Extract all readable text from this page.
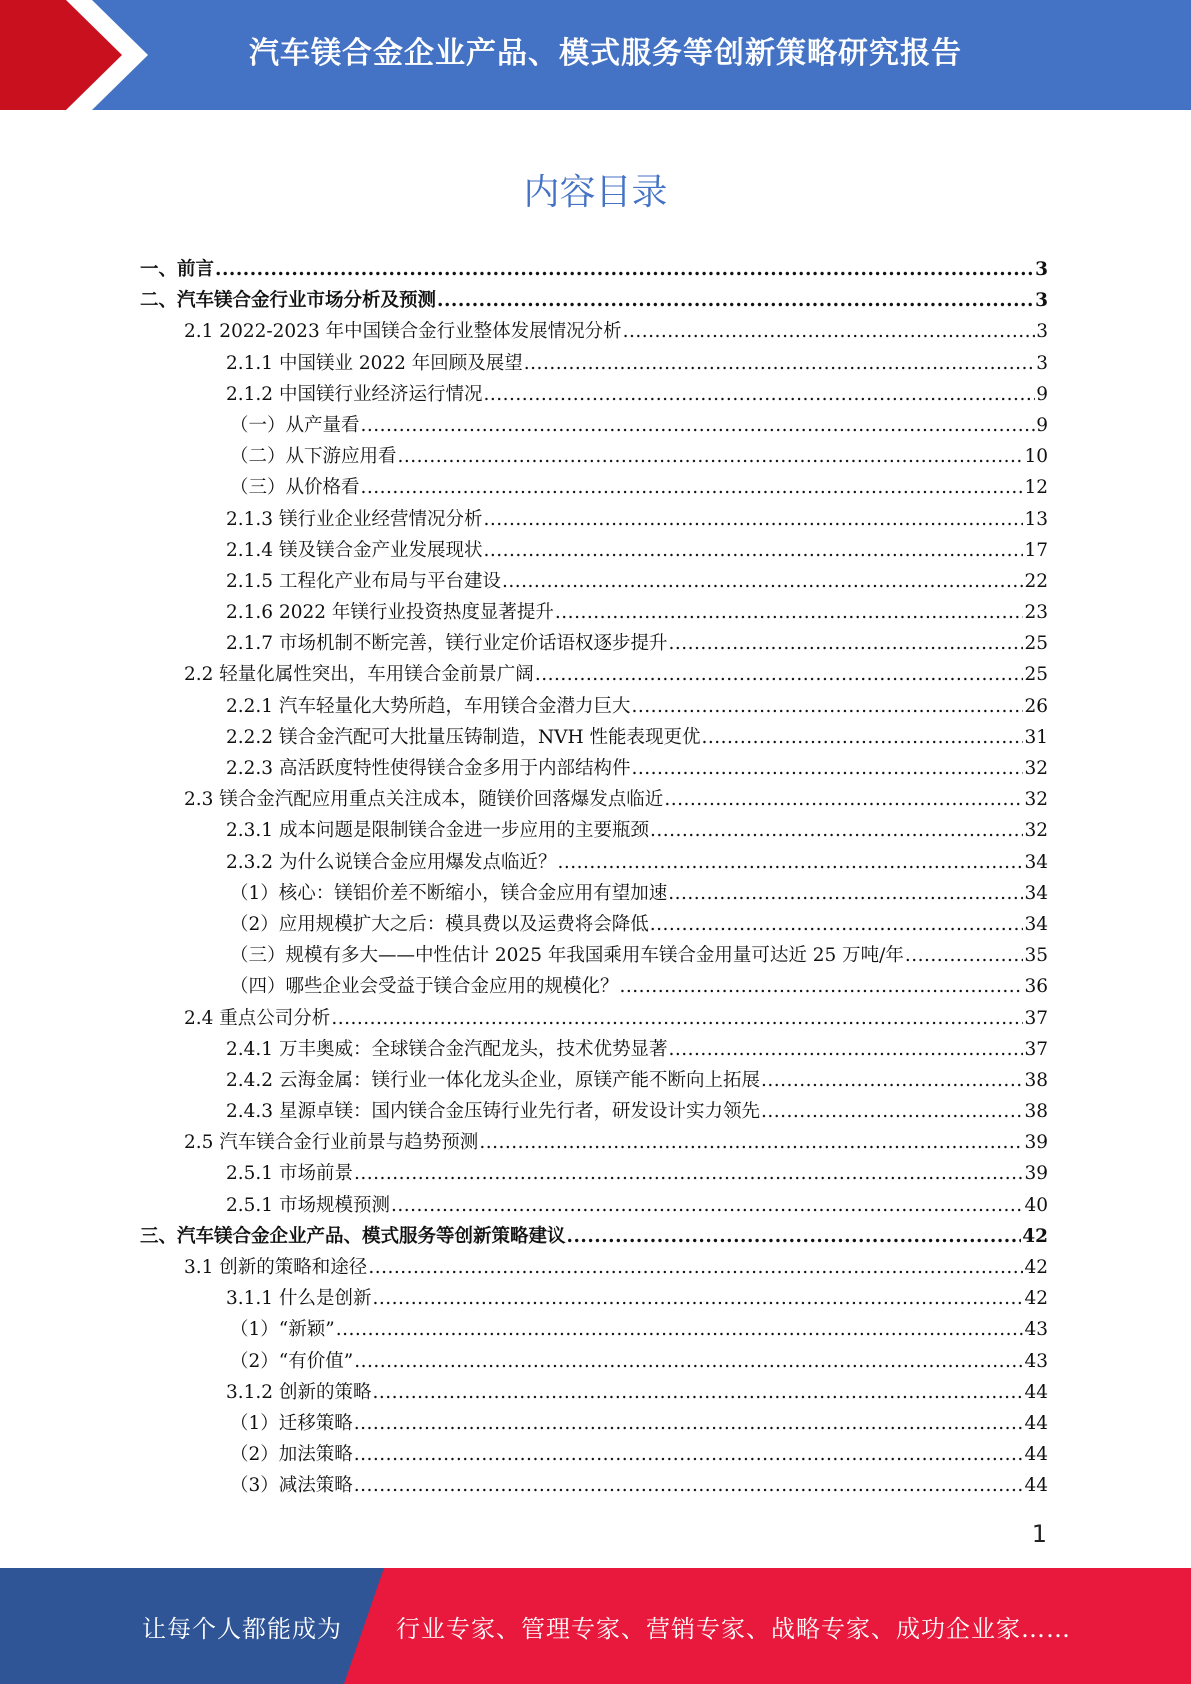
汽车镁合金企业产品、模式服务等创新策略研究报告
内容目录
一、前言 .....	3
二、汽车镁合金行业市场分析及预测 .....	3
2.1 2022-2023 年中国镁合金行业整体发展情况分析 .....	3
2.1.1 中国镁业 2022 年回顾及展望 .....	3
2.1.2 中国镁行业经济运行情况 .....	9
（一）从产量看 .....	9
（二）从下游应用看 .....	10
（三）从价格看 .....	12
2.1.3 镁行业企业经营情况分析 .....	13
2.1.4 镁及镁合金产业发展现状 .....	17
2.1.5 工程化产业布局与平台建设 .....	22
2.1.6 2022 年镁行业投资热度显著提升 .....	23
2.1.7 市场机制不断完善，镁行业定价话语权逐步提升 .....	25
2.2 轻量化属性突出，车用镁合金前景广阔 .....	25
2.2.1 汽车轻量化大势所趋，车用镁合金潜力巨大 .....	26
2.2.2 镁合金汽配可大批量压铸制造，NVH 性能表现更优 .....	31
2.2.3 高活跃度特性使得镁合金多用于内部结构件 .....	32
2.3 镁合金汽配应用重点关注成本，随镁价回落爆发点临近 .....	32
2.3.1 成本问题是限制镁合金进一步应用的主要瓶颈 .....	32
2.3.2 为什么说镁合金应用爆发点临近？ .....	34
（1）核心：镁铝价差不断缩小，镁合金应用有望加速 .....	34
（2）应用规模扩大之后：模具费以及运费将会降低 .....	34
（三）规模有多大——中性估计 2025 年我国乘用车镁合金用量可达近 25 万吨/年 .....	35
（四）哪些企业会受益于镁合金应用的规模化？ .....	36
2.4 重点公司分析 .....	37
2.4.1 万丰奥威：全球镁合金汽配龙头，技术优势显著 .....	37
2.4.2 云海金属：镁行业一体化龙头企业，原镁产能不断向上拓展 .....	38
2.4.3 星源卓镁：国内镁合金压铸行业先行者，研发设计实力领先 .....	38
2.5 汽车镁合金行业前景与趋势预测 .....	39
2.5.1 市场前景 .....	39
2.5.1 市场规模预测 .....	40
三、汽车镁合金企业产品、模式服务等创新策略建议 .....	42
3.1 创新的策略和途径 .....	42
3.1.1 什么是创新 .....	42
（1）“新颖” .....	43
（2）“有价值” .....	43
3.1.2 创新的策略 .....	44
（1）迁移策略 .....	44
（2）加法策略 .....	44
（3）减法策略 .....	44
1
让每个人都能成为 行业专家、管理专家、营销专家、战略专家、成功企业家……
